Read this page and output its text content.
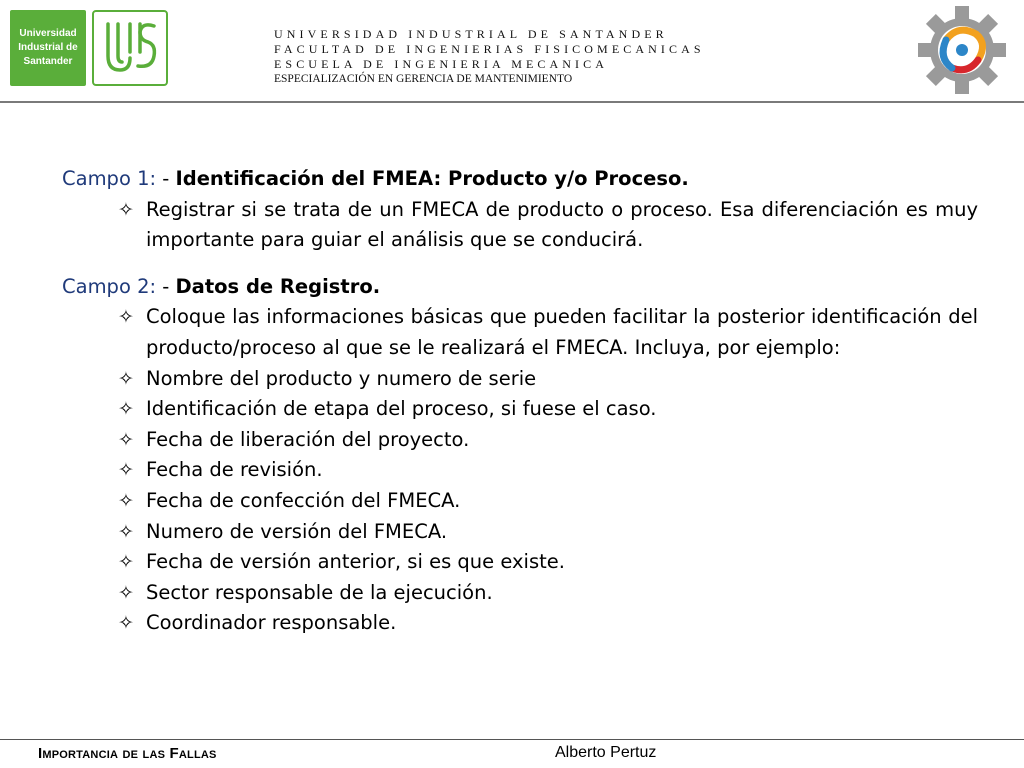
Universidad
Industrial de
Santander
UNIVERSIDAD INDUSTRIAL DE SANTANDER
FACULTAD DE INGENIERIAS FISICOMECANICAS
ESCUELA DE INGENIERIA MECANICA
ESPECIALIZACIÓN EN GERENCIA DE MANTENIMIENTO

Campo 1: - Identificación del FMEA: Producto y/o Proceso.

✧ Registrar si se trata de un FMECA de producto o proceso. Esa diferenciación es muy importante para guiar el análisis que se conducirá.

Campo 2: - Datos de Registro.

✧ Coloque las informaciones básicas que pueden facilitar la posterior identificación del producto/proceso al que se le realizará el FMECA. Incluya, por ejemplo:

✧ Nombre del producto y numero de serie

✧ Identificación de etapa del proceso, si fuese el caso.

✧ Fecha de liberación del proyecto.

✧ Fecha de revisión.

✧ Fecha de confección del FMECA.

✧ Numero de versión del FMECA.

✧ Fecha de versión anterior, si es que existe.

✧ Sector responsable de la ejecución.

✧ Coordinador responsable.

IMPORTANCIA DE LAS FALLAS	Alberto Pertuz
